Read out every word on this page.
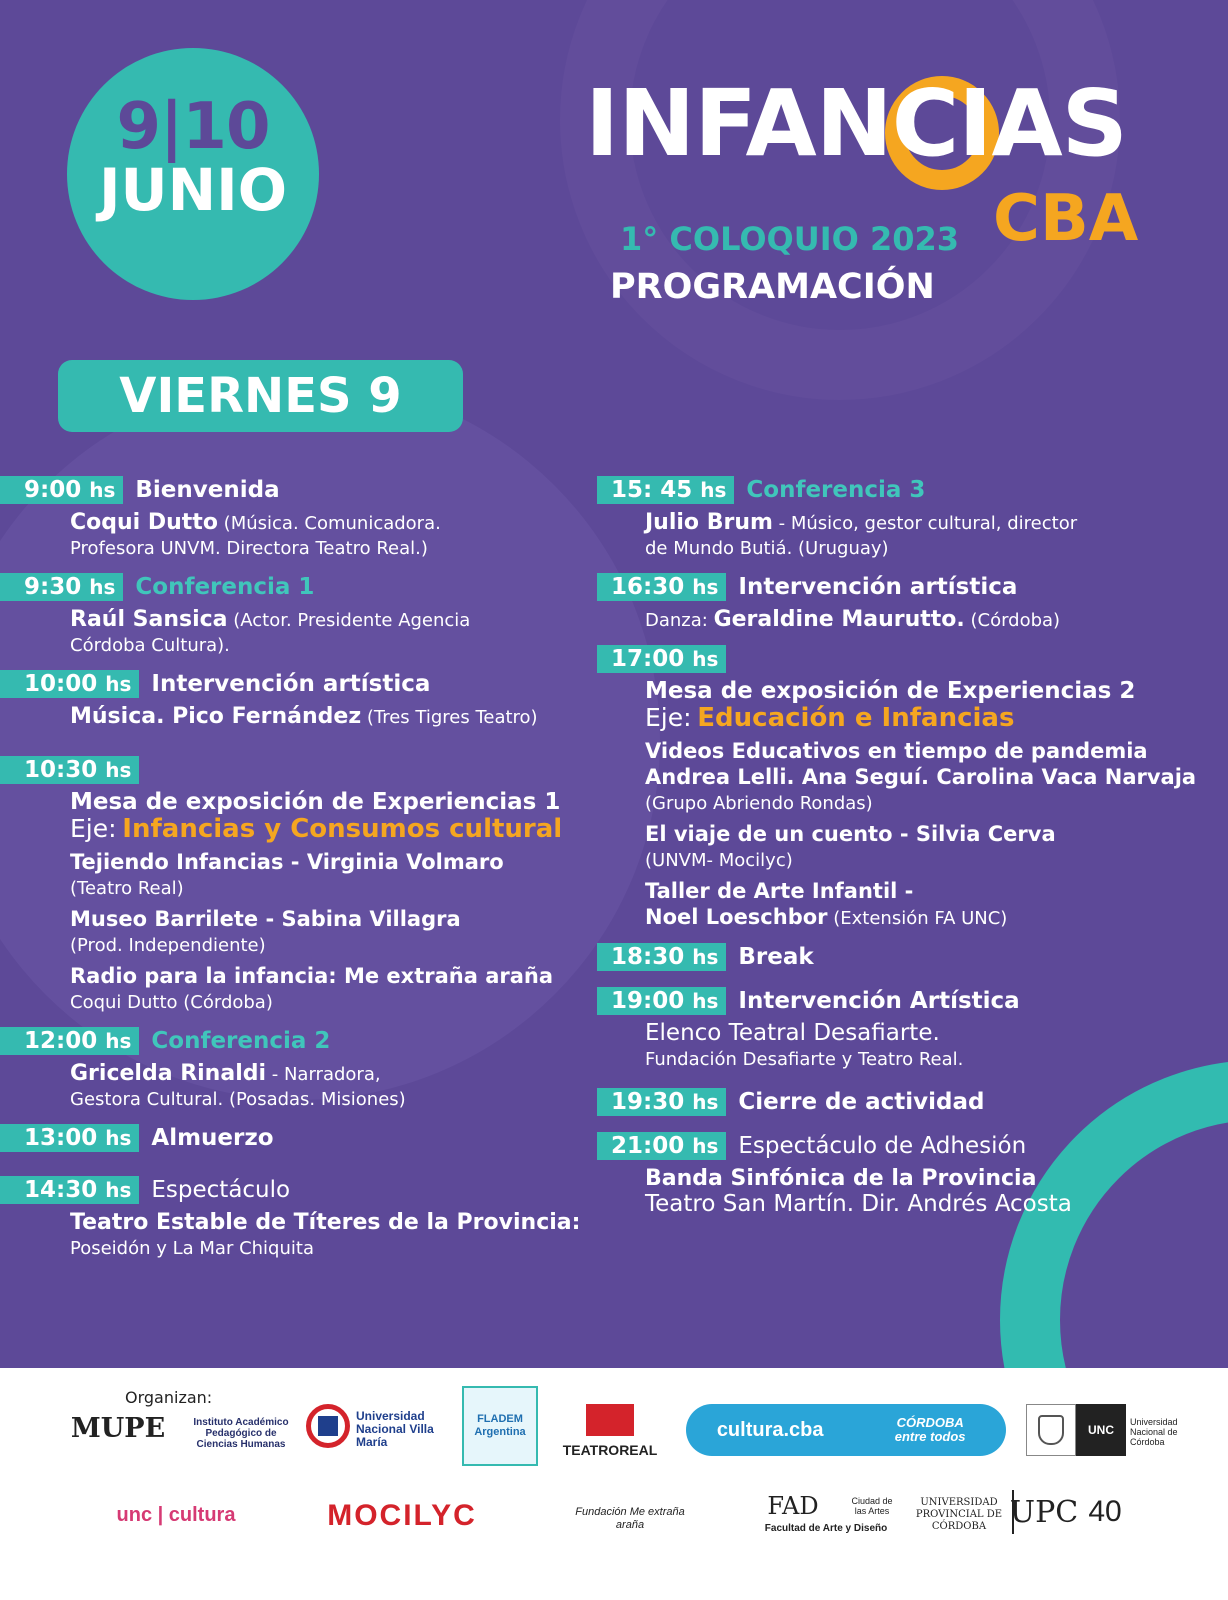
9|10
JUNIO
INFANCIAS
CBA
1° COLOQUIO 2023
PROGRAMACIÓN
VIERNES 9
9:00 hs Bienvenida
Coqui Dutto (Música. Comunicadora.
Profesora UNVM. Directora Teatro Real.)
9:30 hs Conferencia 1
Raúl Sansica (Actor. Presidente Agencia
Córdoba Cultura).
10:00 hs Intervención artística
Música. Pico Fernández (Tres Tigres Teatro)
10:30 hs
Mesa de exposición de Experiencias 1
Eje: Infancias y Consumos cultural
Tejiendo Infancias - Virginia Volmaro
(Teatro Real)
Museo Barrilete - Sabina Villagra
(Prod. Independiente)
Radio para la infancia: Me extraña araña
Coqui Dutto (Córdoba)
12:00 hs Conferencia 2
Gricelda Rinaldi - Narradora,
Gestora Cultural. (Posadas. Misiones)
13:00 hs Almuerzo
14:30 hs Espectáculo
Teatro Estable de Títeres de la Provincia:
Poseidón y La Mar Chiquita
15: 45 hs Conferencia 3
Julio Brum - Músico, gestor cultural, director
de Mundo Butiá. (Uruguay)
16:30 hs Intervención artística
Danza: Geraldine Maurutto. (Córdoba)
17:00 hs
Mesa de exposición de Experiencias 2
Eje: Educación e Infancias
Videos Educativos en tiempo de pandemia
Andrea Lelli. Ana Seguí. Carolina Vaca Narvaja
(Grupo Abriendo Rondas)
El viaje de un cuento - Silvia Cerva
(UNVM- Mocilyc)
Taller de Arte Infantil -
Noel Loeschbor (Extensión FA UNC)
18:30 hs Break
19:00 hs Intervención Artística
Elenco Teatral Desafiarte.
Fundación Desafiarte y Teatro Real.
19:30 hs Cierre de actividad
21:00 hs Espectáculo de Adhesión
Banda Sinfónica de la Provincia
Teatro San Martín. Dir. Andrés Acosta
Organizan:
MUPE	Instituto Académico Pedagógico de Ciencias Humanas
Universidad Nacional Villa María
FLADEM Argentina
TEATROREAL
cultura.cba	CÓRDOBA entre todos	UNC
Universidad Nacional de Córdoba
unc | cultura	MOCILYC	Fundación Me extraña araña
FAD
Facultad de Arte y Diseño
Ciudad de las Artes
UNIVERSIDAD PROVINCIAL DE CÓRDOBA UPC 40
